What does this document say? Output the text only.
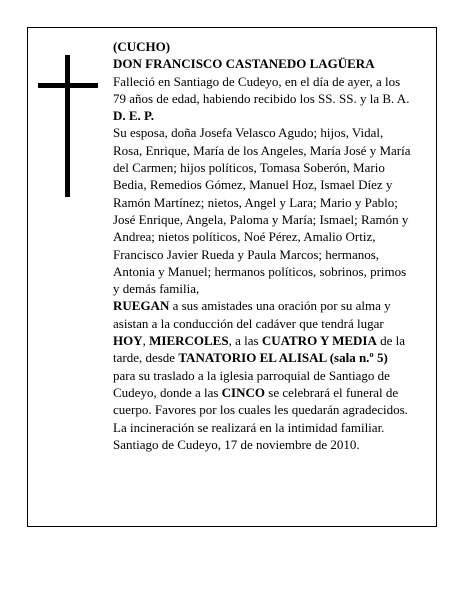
(CUCHO)

DON FRANCISCO CASTANEDO LAGÜERA

Falleció en Santiago de Cudeyo, en el día de ayer, a los 79 años de edad, habiendo recibido los SS. SS. y la B. A.

D. E. P.

Su esposa, doña Josefa Velasco Agudo; hijos, Vidal, Rosa, Enrique, María de los Angeles, María José y María del Carmen; hijos políticos, Tomasa Soberón, Mario Bedia, Remedios Gómez, Manuel Hoz, Ismael Díez y Ramón Martínez; nietos, Angel y Lara; Mario y Pablo; José Enrique, Angela, Paloma y María; Ismael; Ramón y Andrea; nietos políticos, Noé Pérez, Amalio Ortiz, Francisco Javier Rueda y Paula Marcos; hermanos, Antonia y Manuel; hermanos políticos, sobrinos, primos y demás familia,

RUEGAN a sus amistades una oración por su alma y asistan a la conducción del cadáver que tendrá lugar HOY, MIERCOLES, a las CUATRO Y MEDIA de la tarde, desde TANATORIO EL ALISAL (sala n.º 5) para su traslado a la iglesia parroquial de Santiago de Cudeyo, donde a las CINCO se celebrará el funeral de cuerpo. Favores por los cuales les quedarán agradecidos.

La incineración se realizará en la intimidad familiar.

Santiago de Cudeyo, 17 de noviembre de 2010.
